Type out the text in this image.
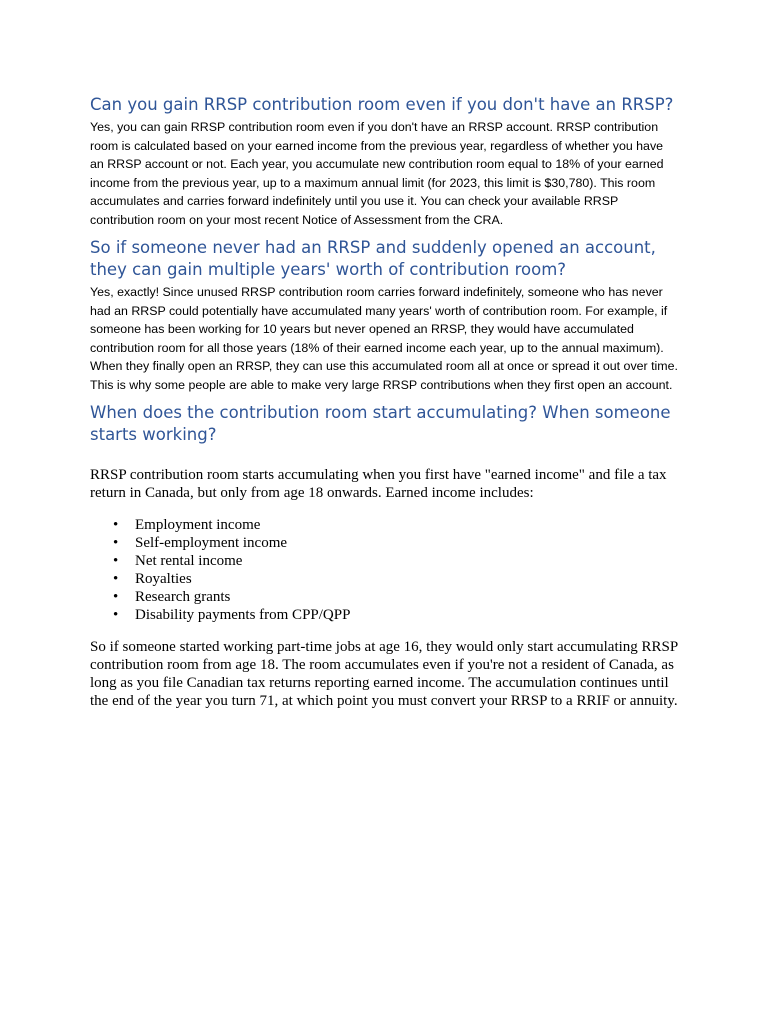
Can you gain RRSP contribution room even if you don't have an RRSP?

Yes, you can gain RRSP contribution room even if you don't have an RRSP account. RRSP contribution room is calculated based on your earned income from the previous year, regardless of whether you have an RRSP account or not. Each year, you accumulate new contribution room equal to 18% of your earned income from the previous year, up to a maximum annual limit (for 2023, this limit is $30,780). This room accumulates and carries forward indefinitely until you use it. You can check your available RRSP contribution room on your most recent Notice of Assessment from the CRA.

So if someone never had an RRSP and suddenly opened an account, they can gain multiple years' worth of contribution room?

Yes, exactly! Since unused RRSP contribution room carries forward indefinitely, someone who has never had an RRSP could potentially have accumulated many years' worth of contribution room. For example, if someone has been working for 10 years but never opened an RRSP, they would have accumulated contribution room for all those years (18% of their earned income each year, up to the annual maximum). When they finally open an RRSP, they can use this accumulated room all at once or spread it out over time. This is why some people are able to make very large RRSP contributions when they first open an account.

When does the contribution room start accumulating? When someone starts working?

RRSP contribution room starts accumulating when you first have "earned income" and file a tax return in Canada, but only from age 18 onwards. Earned income includes:

• Employment income
• Self-employment income
• Net rental income
• Royalties
• Research grants
• Disability payments from CPP/QPP

So if someone started working part-time jobs at age 16, they would only start accumulating RRSP contribution room from age 18. The room accumulates even if you're not a resident of Canada, as long as you file Canadian tax returns reporting earned income. The accumulation continues until the end of the year you turn 71, at which point you must convert your RRSP to a RRIF or annuity.
